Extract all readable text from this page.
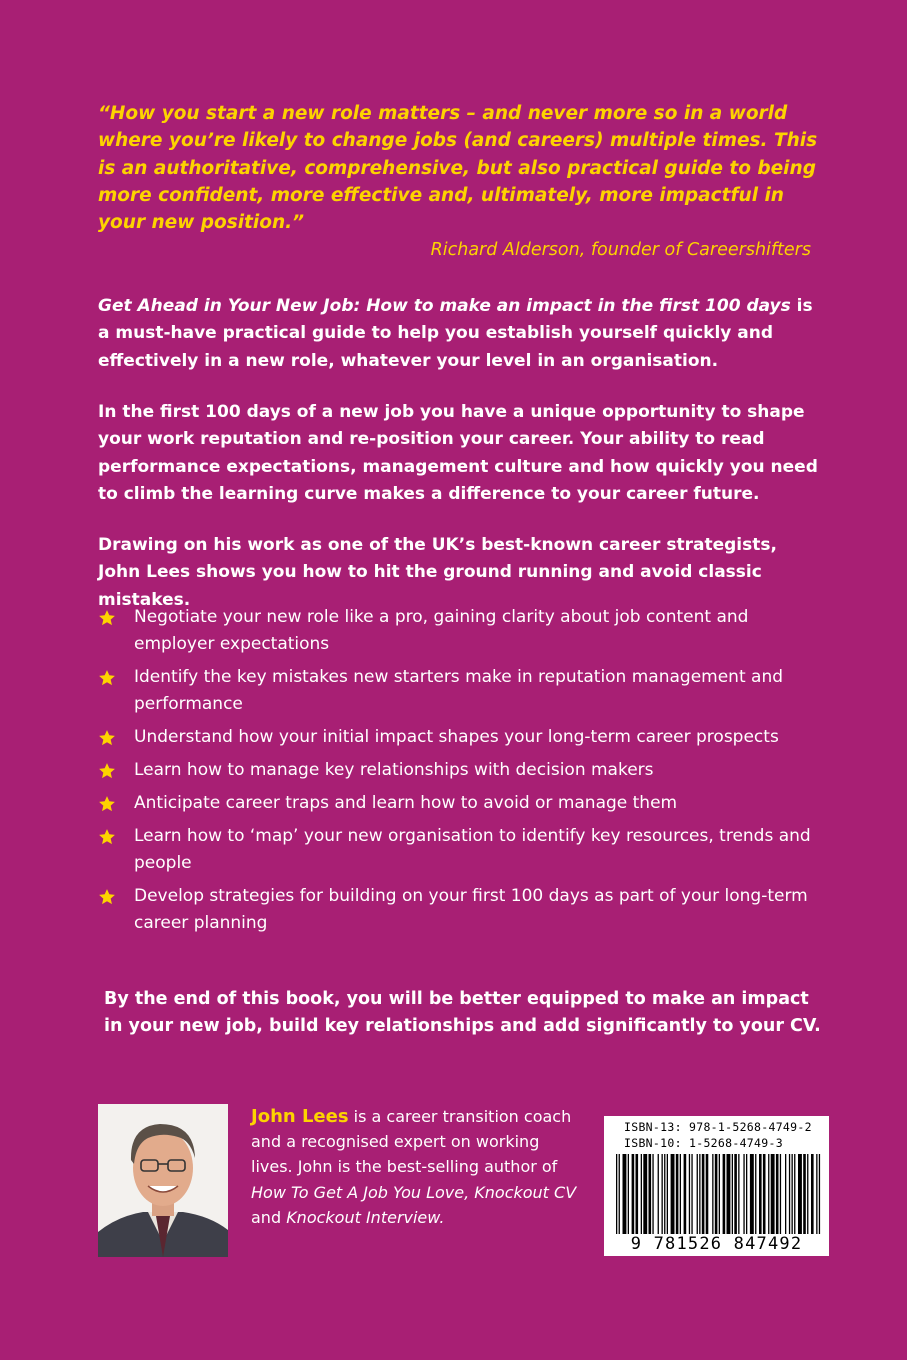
“How you start a new role matters – and never more so in a world where you’re likely to change jobs (and careers) multiple times. This is an authoritative, comprehensive, but also practical guide to being more confident, more effective and, ultimately, more impactful in your new position.”
Richard Alderson, founder of Careershifters
Get Ahead in Your New Job: How to make an impact in the first 100 days is a must-have practical guide to help you establish yourself quickly and effectively in a new role, whatever your level in an organisation.
In the first 100 days of a new job you have a unique opportunity to shape your work reputation and re-position your career. Your ability to read performance expectations, management culture and how quickly you need to climb the learning curve makes a difference to your career future.
Drawing on his work as one of the UK’s best-known career strategists, John Lees shows you how to hit the ground running and avoid classic mistakes.
Negotiate your new role like a pro, gaining clarity about job content and employer expectations
Identify the key mistakes new starters make in reputation management and performance
Understand how your initial impact shapes your long-term career prospects
Learn how to manage key relationships with decision makers
Anticipate career traps and learn how to avoid or manage them
Learn how to ‘map’ your new organisation to identify key resources, trends and people
Develop strategies for building on your first 100 days as part of your long-term career planning
By the end of this book, you will be better equipped to make an impact in your new job, build key relationships and add significantly to your CV.
John Lees is a career transition coach and a recognised expert on working lives. John is the best-selling author of How To Get A Job You Love, Knockout CV and Knockout Interview.
ISBN-13: 978-1-5268-4749-2
ISBN-10: 1-5268-4749-3
9 781526 847492
